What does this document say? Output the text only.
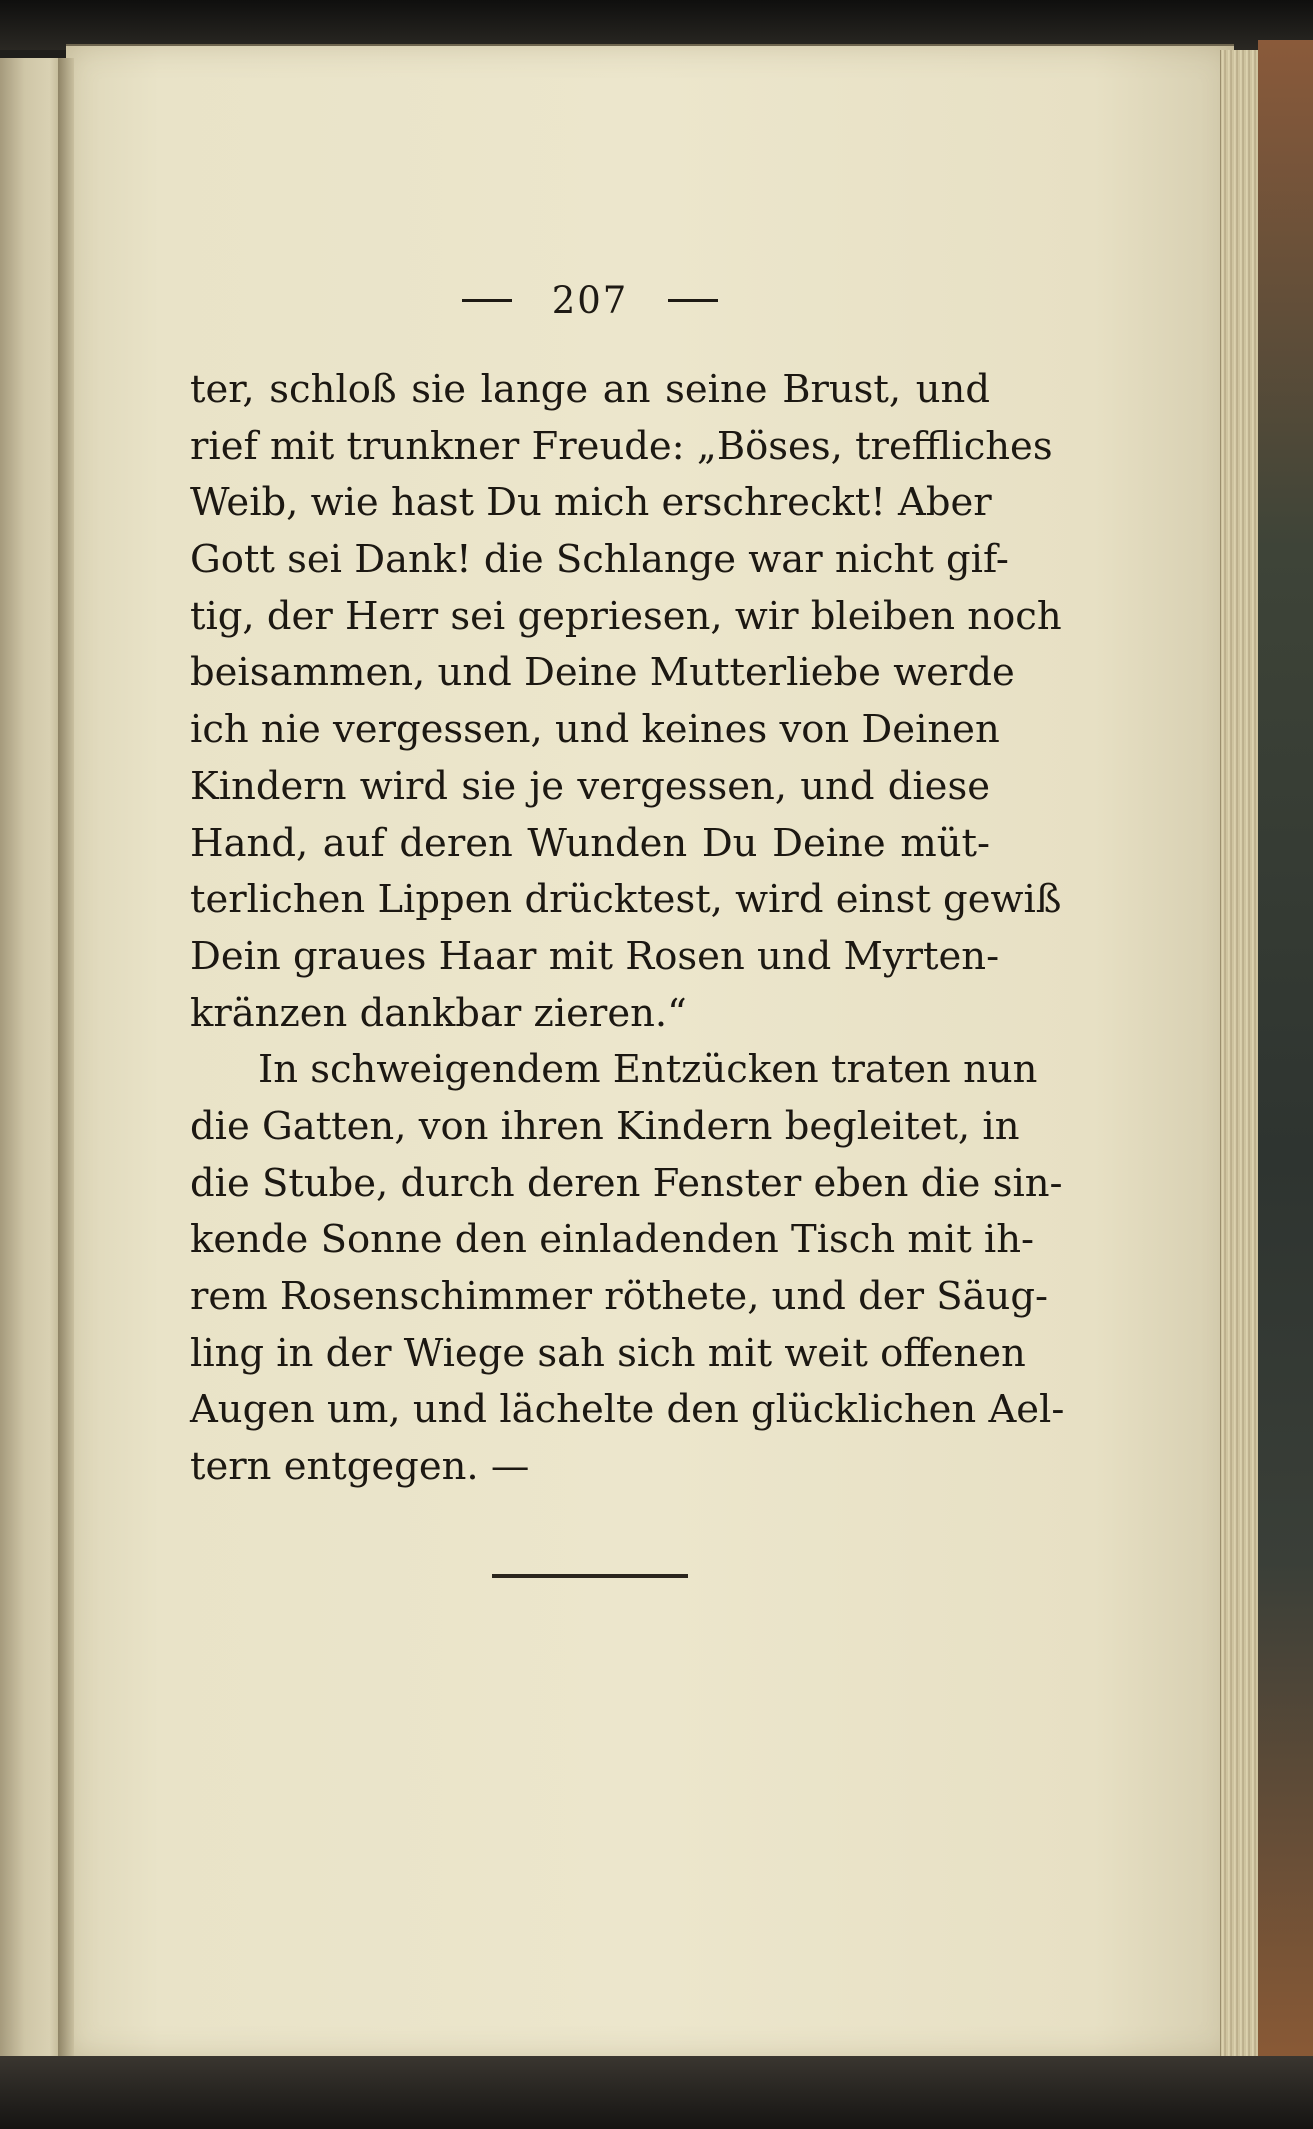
207
ter, schloß sie lange an seine Brust, und
rief mit trunkner Freude: „Böses, treffliches
Weib, wie hast Du mich erschreckt! Aber
Gott sei Dank! die Schlange war nicht gif-
tig, der Herr sei gepriesen, wir bleiben noch
beisammen, und Deine Mutterliebe werde
ich nie vergessen, und keines von Deinen
Kindern wird sie je vergessen, und diese
Hand, auf deren Wunden Du Deine müt-
terlichen Lippen drücktest, wird einst gewiß
Dein graues Haar mit Rosen und Myrten-
kränzen dankbar zieren.“
In schweigendem Entzücken traten nun
die Gatten, von ihren Kindern begleitet, in
die Stube, durch deren Fenster eben die sin-
kende Sonne den einladenden Tisch mit ih-
rem Rosenschimmer röthete, und der Säug-
ling in der Wiege sah sich mit weit offenen
Augen um, und lächelte den glücklichen Ael-
tern entgegen. —
